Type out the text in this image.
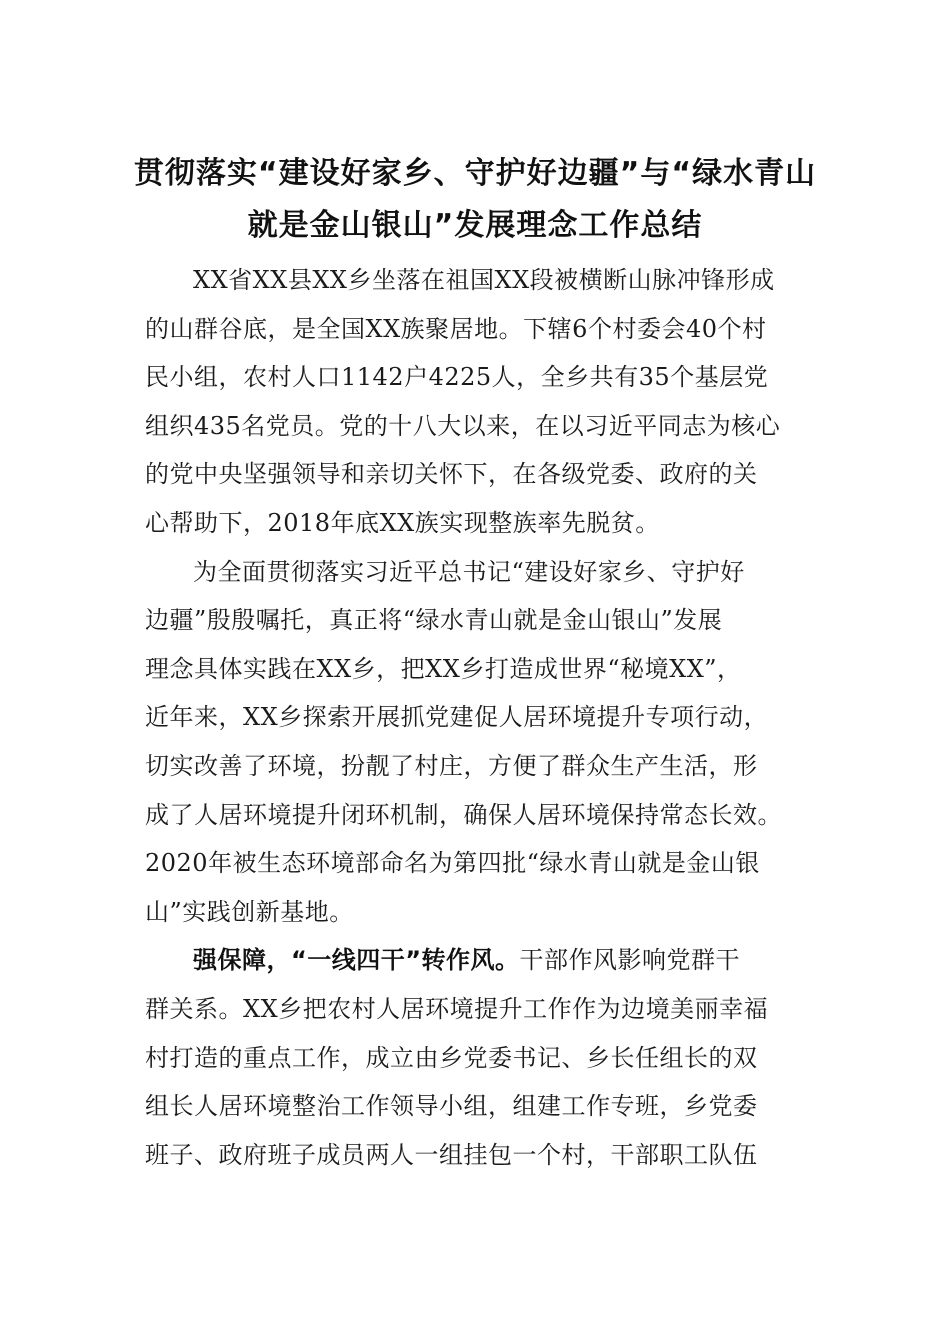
贯彻落实“建设好家乡、守护好边疆”与“绿水青山
就是金山银山”发展理念工作总结
XX省XX县XX乡坐落在祖国XX段被横断山脉冲锋形成
的山群谷底，是全国XX族聚居地。下辖6个村委会40个村
民小组，农村人口1142户4225人，全乡共有35个基层党
组织435名党员。党的十八大以来，在以习近平同志为核心
的党中央坚强领导和亲切关怀下，在各级党委、政府的关
心帮助下，2018年底XX族实现整族率先脱贫。
为全面贯彻落实习近平总书记“建设好家乡、守护好
边疆”殷殷嘱托，真正将“绿水青山就是金山银山”发展
理念具体实践在XX乡，把XX乡打造成世界“秘境XX”，
近年来，XX乡探索开展抓党建促人居环境提升专项行动，
切实改善了环境，扮靓了村庄，方便了群众生产生活，形
成了人居环境提升闭环机制，确保人居环境保持常态长效。
2020年被生态环境部命名为第四批“绿水青山就是金山银
山”实践创新基地。
强保障，“一线四干”转作风。干部作风影响党群干
群关系。XX乡把农村人居环境提升工作作为边境美丽幸福
村打造的重点工作，成立由乡党委书记、乡长任组长的双
组长人居环境整治工作领导小组，组建工作专班，乡党委
班子、政府班子成员两人一组挂包一个村，干部职工队伍
